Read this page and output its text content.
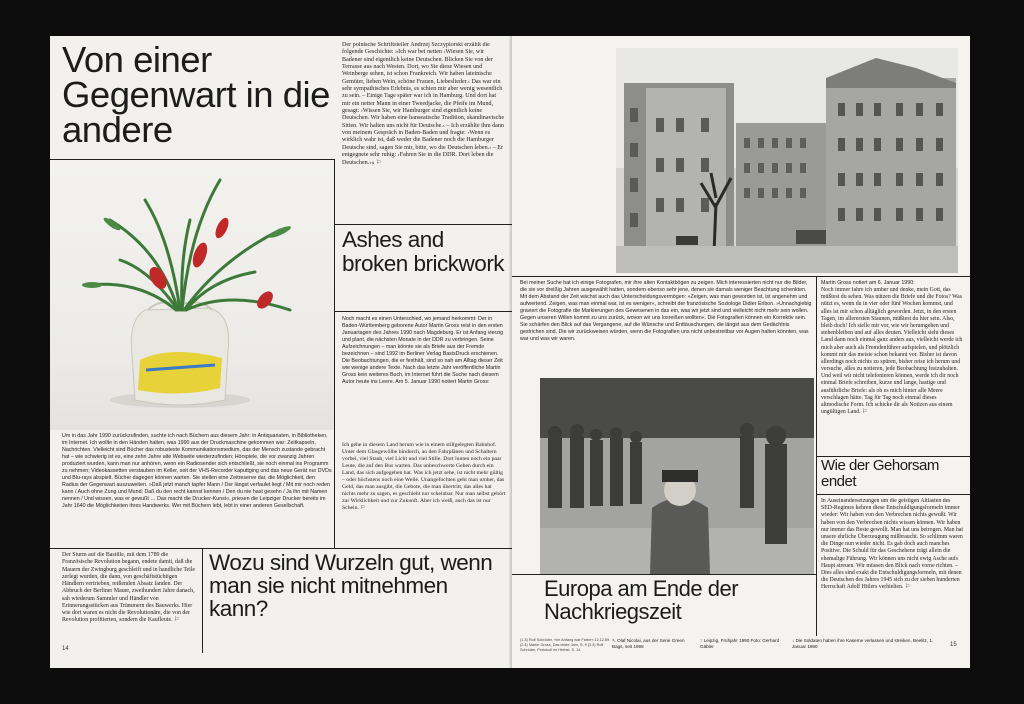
Von einer Gegenwart in die andere
Der polnische Schriftsteller Andrzej Szczypiorski erzählt die folgende Geschichte: »Ich war bei netten ›Wiesen Sie, wir Badener sind eigentlich keine Deutschen. Blicken Sie von der Terrasse aus nach Westen. Dort, wo Sie diese Wiesen und Weinberge sehen, ist schon Frankreich. Wir haben lateinische Gemüter, lieben Wein, schöne Frauen, Liebeslieder.‹ Das war ein sehr sympathisches Erlebnis, es schien mir aber wenig wesentlich zu sein. – Einige Tage später war ich in Hamburg. Und dort hat mir ein netter Mann in einer Tweedjacke, die Pfeife im Mund, gesagt: ›Wissen Sie, wir Hamburger sind eigentlich keine Deutschen. Wir haben eine hanseatische Tradition, skandinavische Sitten. Wir halten uns nicht für Deutsche.‹ – Ich erzählte ihm dann von meinem Gespräch in Baden-Baden und fragte: ›Wenn es wirklich wahr ist, daß weder die Badener noch die Hamburger Deutsche sind, sagen Sie mir, bitte, wo die Deutschen leben.‹ – Er entgegnete sehr ruhig: ›Fahren Sie in die DDR. Dort leben die Deutschen.‹« ⚐
Ashes and broken brickwork
Noch macht es einen Unterschied, wo jemand herkommt: Der in Baden-Württemberg geborene Autor Martin Gross reist in den ersten Januartagen des Jahres 1990 nach Magdeburg. Er ist Anfang vierzig und plant, die nächsten Monate in der DDR zu verbringen. Seine Aufzeichnungen – man könnte sie als Briefe aus der Fremde bezeichnen – sind 1992 im Berliner Verlag BasisDruck erschienen. Die Beobachtungen, die er festhält, sind so nah am Alltag dieser Zeit wie wenige andere Texte. Nach das letzte Jahr veröffentliche Martin Gross kein weiteres Buch, im Internet führt die Suche nach diesem Autor heute ins Leere. Am 5. Januar 1990 notiert Martin Gross:
Ich gehe in diesem Land herum wie in einem stillgelegten Bahnhof. Unter dem Glasgewölbe hindurch, an den Fahrplänen und Schaltern vorbei, viel Staub, viel Licht und viel Stille. Dort lunten noch ein paar Leute, die auf den Bus warten. Das unbeschwerte Gehen durch ein Land, das sich aufgegeben hat. Was ich jetzt sehe, ist nicht mehr gültig – oder höchstens noch eine Weile. Unangefochten geht man umher, das Geld, das man ausgibt, die Gebote, die man übertritt, das alles hat nichts mehr zu sagen, es geschieht nur scheinbar. Nur man selbst gehört zur Wirklichkeit und zur Zukunft. Aber ich weiß, auch das ist nur Schein. ⚐
Um in das Jahr 1990 zurückzufinden, suchte ich nach Büchern aus diesem Jahr: in Antiquariaten, in Bibliotheken, im Internet. Ich wollte in den Händen halten, was 1990 aus der Druckmaschine gekommen war: Zeitkapseln, Nachrichten. Vielleicht sind Bücher das robusteste Kommunikationsmedium, das der Mensch zustande gebracht hat – wie schwierig ist es, eine zehn Jahre alte Webseite wiederzufinden; Hörspiele, die vor zwanzig Jahren produziert wurden, kann man nur anhören, wenn ein Radiosender sich entschließt, sie noch einmal ins Programm zu nehmen; Videokassetten verstauben im Keller, seit der VHS-Recorder kaputtging und das neue Gerät nur DVDs und Blu-rays abspielt. Bücher dagegen können warten. Sie stellen eine Zeitreserve dar, die Möglichkeit, den Radius der Gegenwart auszuweiten. »Daß jetzt manch tapfer Mann / Der längst verfaulet liegt / Mit mir noch reden kann / Auch ohne Zung und Mund: Daß du den recht kannst kennen / Den du nie hast gesehn / Ja ihn mit Namen nennen / Und wissen, was er gewußt … Das macht die Drucker-Kunst«, priesen die Leipziger Drucker bereits im Jahr 1640 die Möglichkeiten ihres Handwerks. Wer mit Büchern lebt, lebt in einer anderen Gesellschaft.
Der Sturm auf die Bastille, mit dem 1789 die Französische Revolution begann, endete damit, daß die Mauern der Zwingburg geschleift und in handliche Teile zerlegt wurden, die dann, von geschäftstüchtigen Händlern vertrieben, reißenden Absatz fanden. Der Abbruch der Berliner Mauer, zweihundert Jahre danach, sah wiederum Sammler und Händler von Erinnerungsstücken aus Trümmern des Bauwerks. Hier wie dort waren es nicht die Revolutionäre, die von der Revolution profitierten, sondern die Kaufleute. ⚐
Wozu sind Wurzeln gut, wenn man sie nicht mitnehmen kann?
14
Bei meiner Suche bat ich einige Fotografen, mir ihre alten Kontaktbögen zu zeigen. Mich interessierten nicht nur die Bilder, die sie vor dreißig Jahren ausgewählt hatten, sondern ebenso sehr jene, denen sie damals weniger Beachtung schenkten. Mit dem Abstand der Zeit wächst auch das Unterscheidungsvermögen: »Zeigen, was man geworden ist, ist angenehm und aufwertend. Zeigen, was man einmal war, ist es weniger«, schreibt der französische Soziologe Didier Eribon. »Unnachgiebig graviert die Fotografie die Markierungen des Gewesenen in das ein, was wir jetzt sind und vielleicht nicht mehr sein wollen. Gegen unseren Willen kommt zu uns zurück, wovon wir uns losreißen wollten«. Die Fotografien können ein Korrektiv sein. Sie schärfen den Blick auf das Vergangene, auf die Wünsche und Enttäuschungen, die längst aus dem Gedächtnis gestrichen sind. Die wir zurückweisen würden, wenn die Fotografien uns nicht unbestreitbar vor Augen halten könnten, was war und was wir waren.
Europa am Ende der Nachkriegszeit
Martin Gross notiert am 6. Januar 1990:
Noch immer fahre ich umher und denke, mein Gott, das müßtest du sehen. Was nützen die Briefe und die Fotos? Was nützt es, wenn du in vier oder fünf Wochen kommst, und alles ist mir schon alltäglich geworden. Jetzt, in den ersten Tagen, im allerersten Staunen, müßtest du hier sein. Also, bleib doch! Ich stelle mir vor, wie wir herumgehen und stehenbleiben und auf alles deuten. Vielleicht sieht dieses Land dann noch einmal ganz anders aus, vielleicht werde ich mich aber auch als Fremdenführer aufspielen, und plötzlich kommt mir das meiste schon bekannt vor. Bisher ist davon allerdings noch nichts zu spüren, bisher reise ich herum und versuche, alles zu notieren, jede Beobachtung festzuhalten. Und weil wir nicht telefonieren können, werde ich dir noch einmal Briefe schreiben, kurze und lange, hastige und ausführliche Briefe: als ob es mich hinter alle Meere verschlagen hätte. Tag für Tag noch einmal dieses altmodische Form. Ich schicke dir als Notizen aus einem ungültigen Land. ⚐
Wie der Gehorsam endet
In Auseinandersetzungen um die geistigen Altlasten des SED-Regimes kehren diese Entschuldigungsformeln immer wieder: Wir haben von den Verbrechen nichts gewußt. Wir haben von den Verbrechen nichts wissen können. Wir haben nur immer das Beste gewollt. Man hat uns betrogen. Man hat unsere ehrliche Überzeugung mißbraucht. So schlimm waren die Dinge nun wieder nicht. Es gab doch auch manches Positive. Die Schuld für das Geschehene trägt allein die ehemalige Führung. Wir können uns nicht ewig Asche aufs Haupt streuen. Wir müssen den Blick nach vorne richten. – Dies alles sind exakt die Entschuldigungsformeln, mit denen die Deutschen des Jahres 1945 sich zu der sieben hunderten Herrschaft Adolf Hitlers verhielten. ⚐
(1.3) Rolf Schröder, »Im Anfang war Farbe« 12.12.89 (2.4) Martin Gross, Das letzte Jahr, S. 9 (3.3) Rolf Schröder, Protokoll im Herbst, S. 14
↖ Olaf Nicolai, aus der Serie Green Bags, seit 1998
↑ Leipzig, Frühjahr 1990 Foto: Gerhard Gäbler
↓ Die Soldaten haben ihre Kaserne verlassen und streiken, Beelitz, 1. Januar 1990	15
